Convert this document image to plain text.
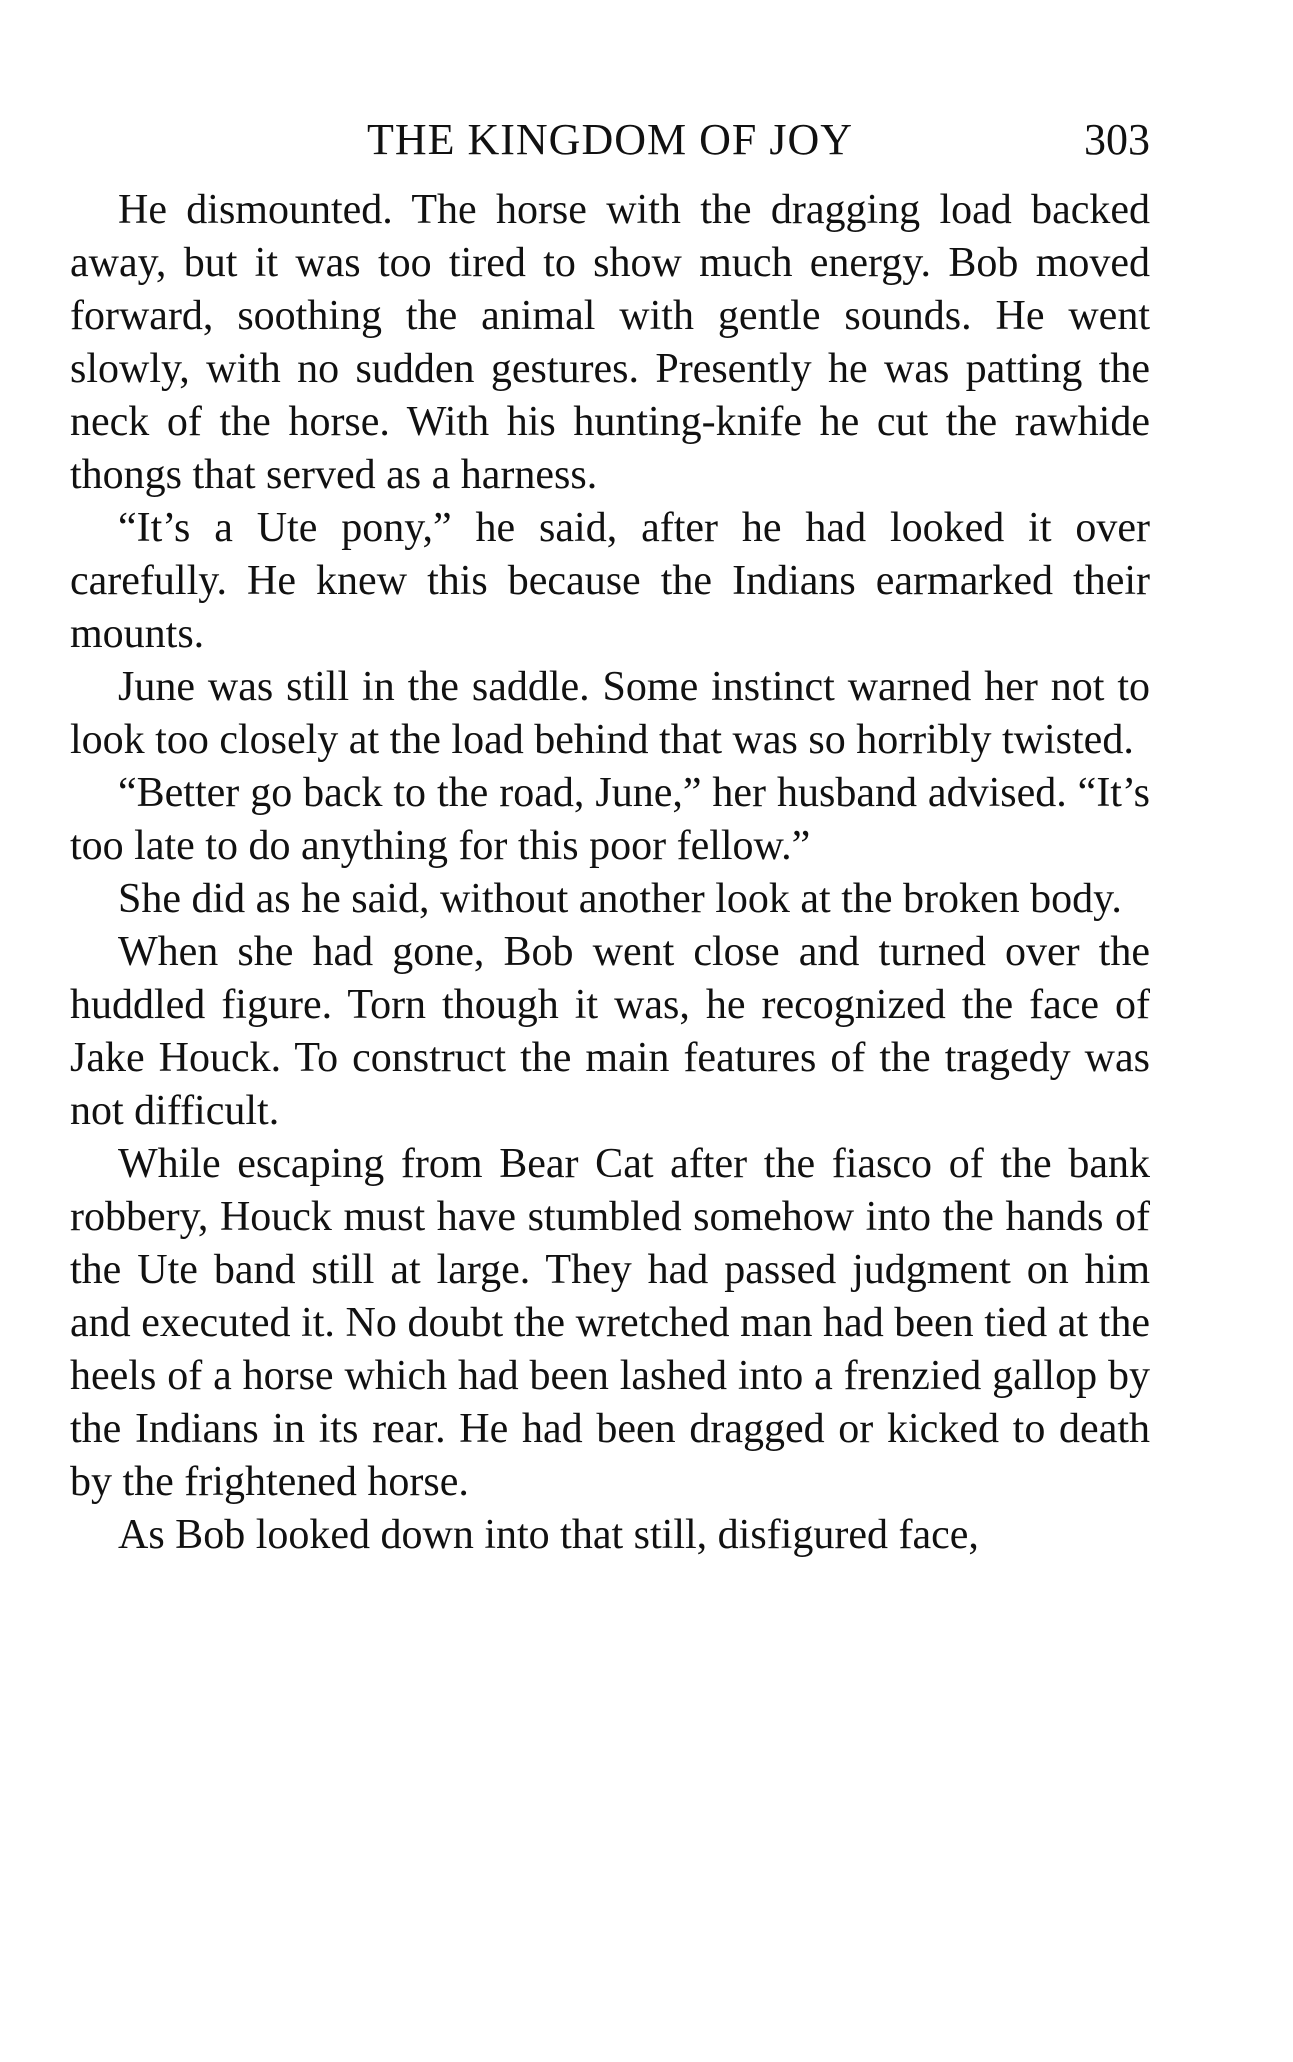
THE KINGDOM OF JOY	303

He dismounted. The horse with the dragging load backed away, but it was too tired to show much energy. Bob moved forward, soothing the animal with gentle sounds. He went slowly, with no sudden gestures. Presently he was patting the neck of the horse. With his hunting-knife he cut the rawhide thongs that served as a harness.

“It’s a Ute pony,” he said, after he had looked it over carefully. He knew this because the Indians earmarked their mounts.

June was still in the saddle. Some instinct warned her not to look too closely at the load behind that was so horribly twisted.

“Better go back to the road, June,” her husband advised. “It’s too late to do anything for this poor fellow.”

She did as he said, without another look at the broken body.

When she had gone, Bob went close and turned over the huddled figure. Torn though it was, he recognized the face of Jake Houck. To construct the main features of the tragedy was not difficult.

While escaping from Bear Cat after the fiasco of the bank robbery, Houck must have stumbled somehow into the hands of the Ute band still at large. They had passed judgment on him and executed it. No doubt the wretched man had been tied at the heels of a horse which had been lashed into a frenzied gallop by the Indians in its rear. He had been dragged or kicked to death by the frightened horse.

As Bob looked down into that still, disfigured face,
